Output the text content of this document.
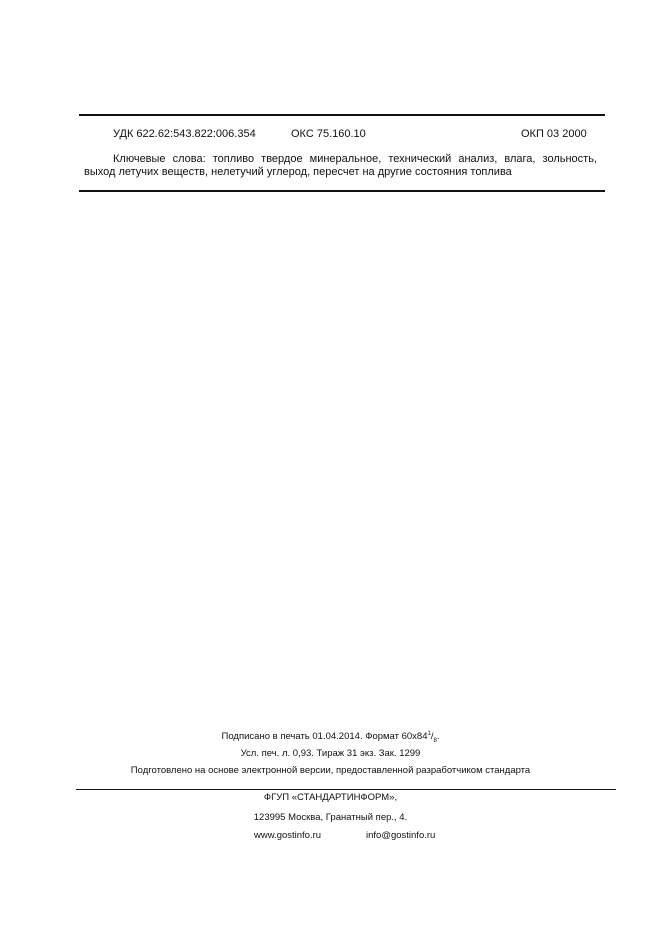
УДК 622.62:543.822:006.354	ОКС 75.160.10	ОКП 03 2000
Ключевые слова: топливо твердое минеральное, технический анализ, влага, зольность, выход летучих веществ, нелетучий углерод, пересчет на другие состояния топлива
Подписано в печать 01.04.2014. Формат $60x84^1/_8$.
Усл. печ. л. 0,93. Тираж 31 экз. Зак. 1299
Подготовлено на основе электронной версии, предоставленной разработчиком стандарта
ФГУП «СТАНДАРТИНФОРМ»,
123995 Москва, Гранатный пер., 4.
www.gostinfo.ru	info@gostinfo.ru
